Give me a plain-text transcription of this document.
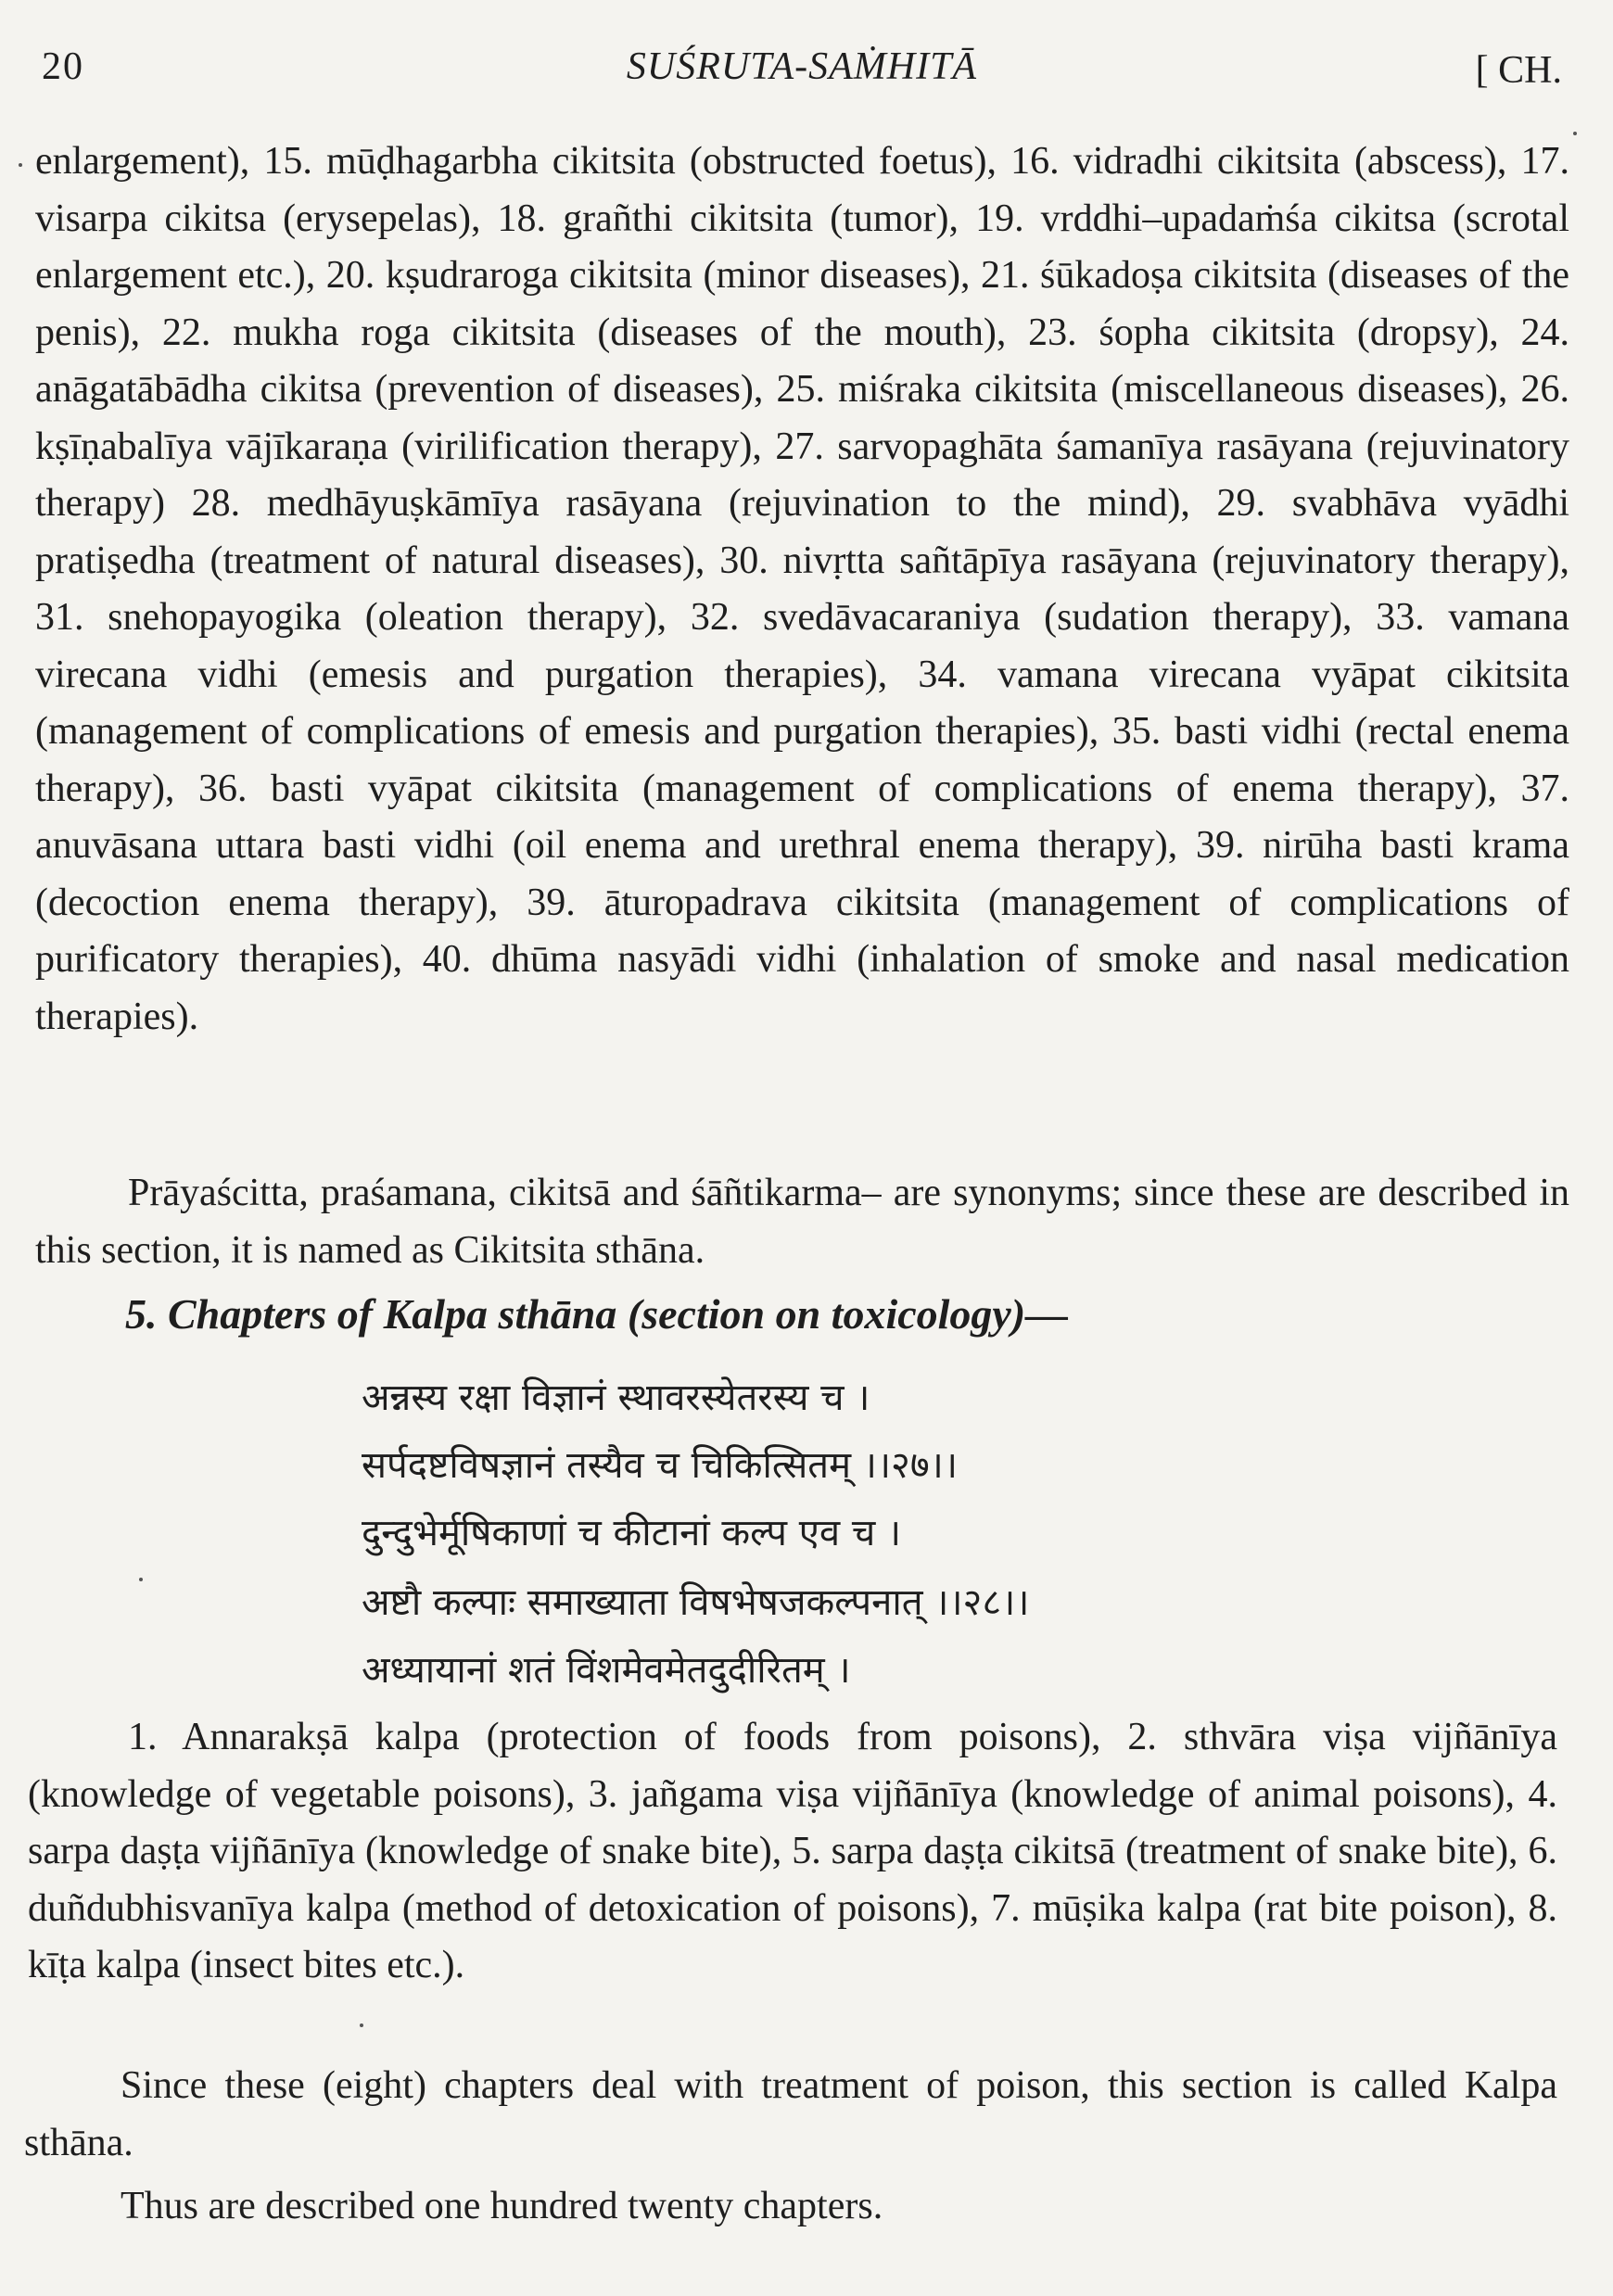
20	SUŚRUTA-SAṀHITĀ	[ CH.

enlargement), 15. mūḍhagarbha cikitsita (obstructed foetus), 16. vidradhi cikitsita (abscess), 17. visarpa cikitsa (erysepelas), 18. grañthi cikitsita (tumor), 19. vrddhi–upadaṁśa cikitsa (scrotal enlargement etc.), 20. kṣudraroga cikitsita (minor diseases), 21. śūkadoṣa cikitsita (diseases of the penis), 22. mukha roga cikitsita (diseases of the mouth), 23. śopha cikitsita (dropsy), 24. anāgatābādha cikitsa (prevention of diseases), 25. miśraka cikitsita (miscellaneous diseases), 26. kṣīṇabalīya vājīkaraṇa (virilification therapy), 27. sarvopaghāta śamanīya rasāyana (rejuvinatory therapy) 28. medhāyuṣkāmīya rasāyana (rejuvination to the mind), 29. svabhāva vyādhi pratiṣedha (treatment of natural diseases), 30. nivṛtta sañtāpīya rasāyana (rejuvinatory therapy), 31. snehopayogika (oleation therapy), 32. svedāvacaraniya (sudation therapy), 33. vamana virecana vidhi (emesis and purgation therapies), 34. vamana virecana vyāpat cikitsita (management of complications of emesis and purgation therapies), 35. basti vidhi (rectal enema therapy), 36. basti vyāpat cikitsita (management of complications of enema therapy), 37. anuvāsana uttara basti vidhi (oil enema and urethral enema therapy), 39. nirūha basti krama (decoction enema therapy), 39. āturopadrava cikitsita (management of complications of purificatory therapies), 40. dhūma nasyādi vidhi (inhalation of smoke and nasal medication therapies).

Prāyaścitta, praśamana, cikitsā and śāñtikarma– are synonyms; since these are described in this section, it is named as Cikitsita sthāna.

5. Chapters of Kalpa sthāna (section on toxicology)—

अन्नस्य रक्षा विज्ञानं स्थावरस्येतरस्य च ।

सर्पदष्टविषज्ञानं तस्यैव च चिकित्सितम् ।।२७।।

दुन्दुभेर्मूषिकाणां च कीटानां कल्प एव च ।

अष्टौ कल्पाः समाख्याता विषभेषजकल्पनात् ।।२८।।

अध्यायानां शतं विंशमेवमेतदुदीरितम् ।

1. Annarakṣā kalpa (protection of foods from poisons), 2. sthvāra viṣa vijñānīya (knowledge of vegetable poisons), 3. jañgama viṣa vijñānīya (knowledge of animal poisons), 4. sarpa daṣṭa vijñānīya (knowledge of snake bite), 5. sarpa daṣṭa cikitsā (treatment of snake bite), 6. duñdubhisvanīya kalpa (method of detoxication of poisons), 7. mūṣika kalpa (rat bite poison), 8. kīṭa kalpa (insect bites etc.).

Since these (eight) chapters deal with treatment of poison, this section is called Kalpa sthāna.

Thus are described one hundred twenty chapters.
